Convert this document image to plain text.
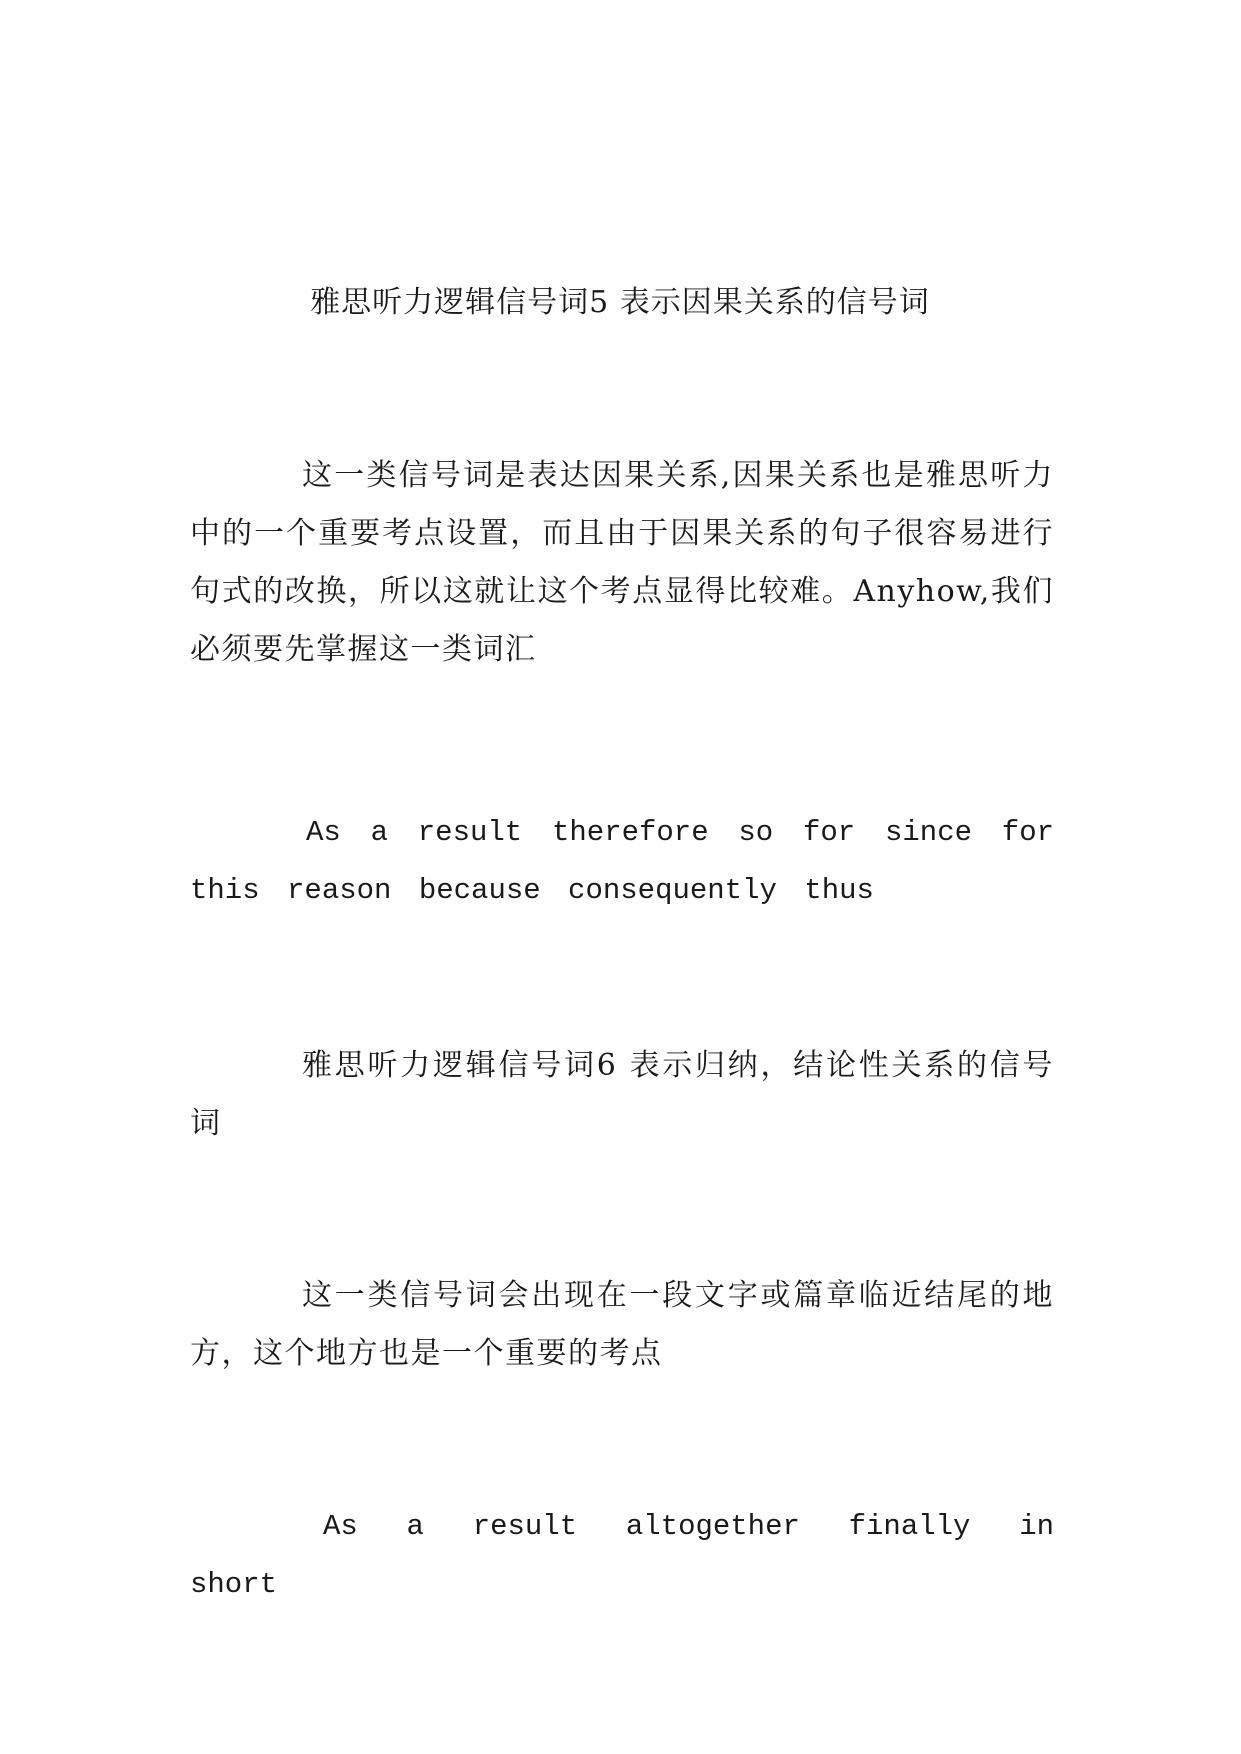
雅思听力逻辑信号词5 表示因果关系的信号词

这一类信号词是表达因果关系,因果关系也是雅思听力中的一个重要考点设置，而且由于因果关系的句子很容易进行句式的改换，所以这就让这个考点显得比较难。Anyhow,我们必须要先掌握这一类词汇

As a result therefore so for since for this reason because consequently thus

雅思听力逻辑信号词6 表示归纳，结论性关系的信号词

这一类信号词会出现在一段文字或篇章临近结尾的地方，这个地方也是一个重要的考点

As a result altogether finally in short
